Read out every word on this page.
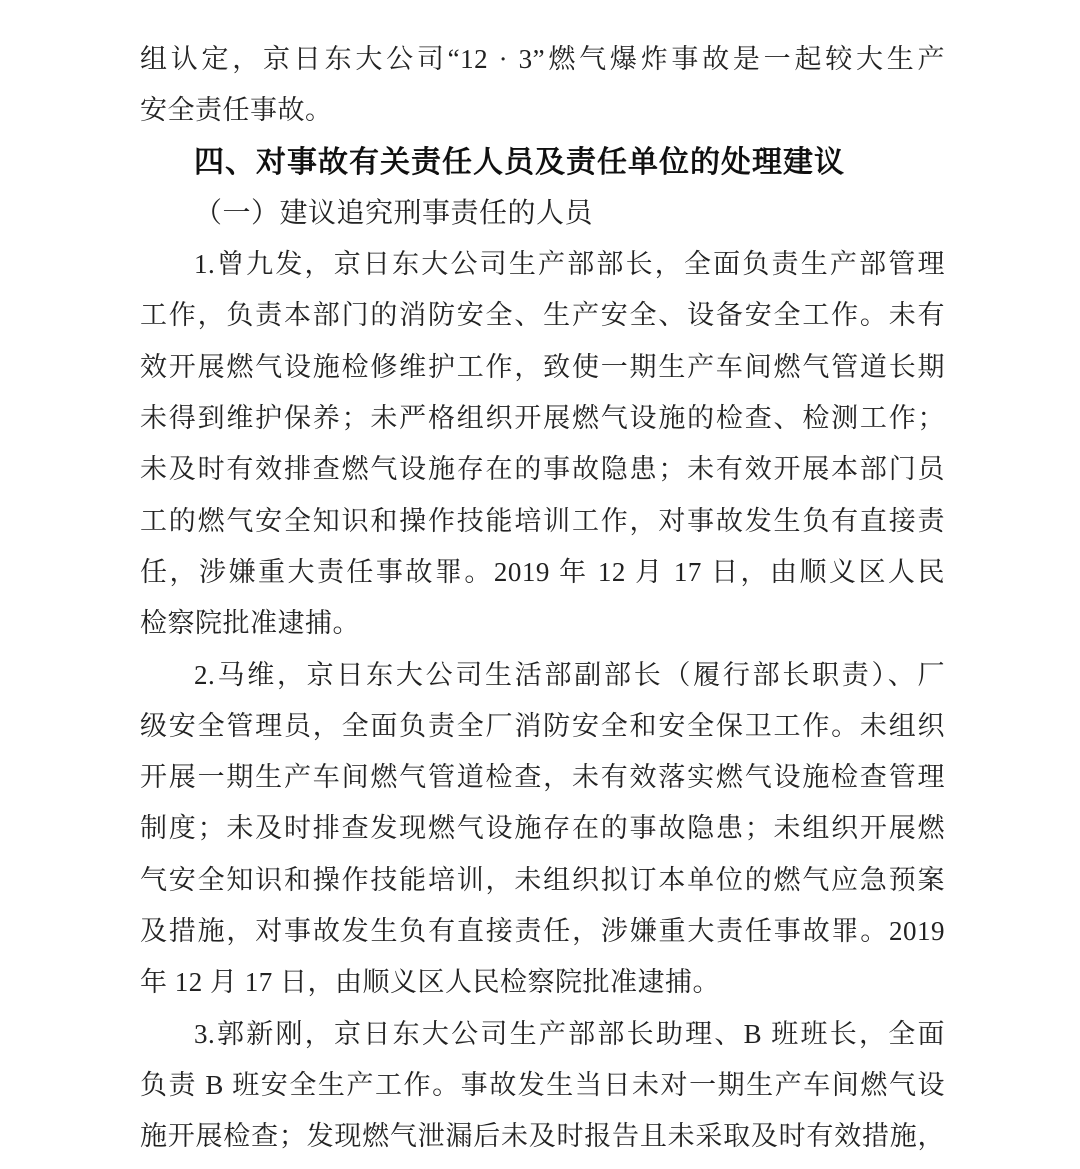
组认定，京日东大公司“12 · 3”燃气爆炸事故是一起较大生产
安全责任事故。
四、对事故有关责任人员及责任单位的处理建议
（一）建议追究刑事责任的人员
1.曾九发，京日东大公司生产部部长，全面负责生产部管理
工作，负责本部门的消防安全、生产安全、设备安全工作。未有
效开展燃气设施检修维护工作，致使一期生产车间燃气管道长期
未得到维护保养；未严格组织开展燃气设施的检查、检测工作；
未及时有效排查燃气设施存在的事故隐患；未有效开展本部门员
工的燃气安全知识和操作技能培训工作，对事故发生负有直接责
任，涉嫌重大责任事故罪。2019 年 12 月 17 日，由顺义区人民
检察院批准逮捕。
2.马维，京日东大公司生活部副部长（履行部长职责）、厂
级安全管理员，全面负责全厂消防安全和安全保卫工作。未组织
开展一期生产车间燃气管道检查，未有效落实燃气设施检查管理
制度；未及时排查发现燃气设施存在的事故隐患；未组织开展燃
气安全知识和操作技能培训，未组织拟订本单位的燃气应急预案
及措施，对事故发生负有直接责任，涉嫌重大责任事故罪。2019
年 12 月 17 日，由顺义区人民检察院批准逮捕。
3.郭新刚，京日东大公司生产部部长助理、B 班班长，全面
负责 B 班安全生产工作。事故发生当日未对一期生产车间燃气设
施开展检查；发现燃气泄漏后未及时报告且未采取及时有效措施，
